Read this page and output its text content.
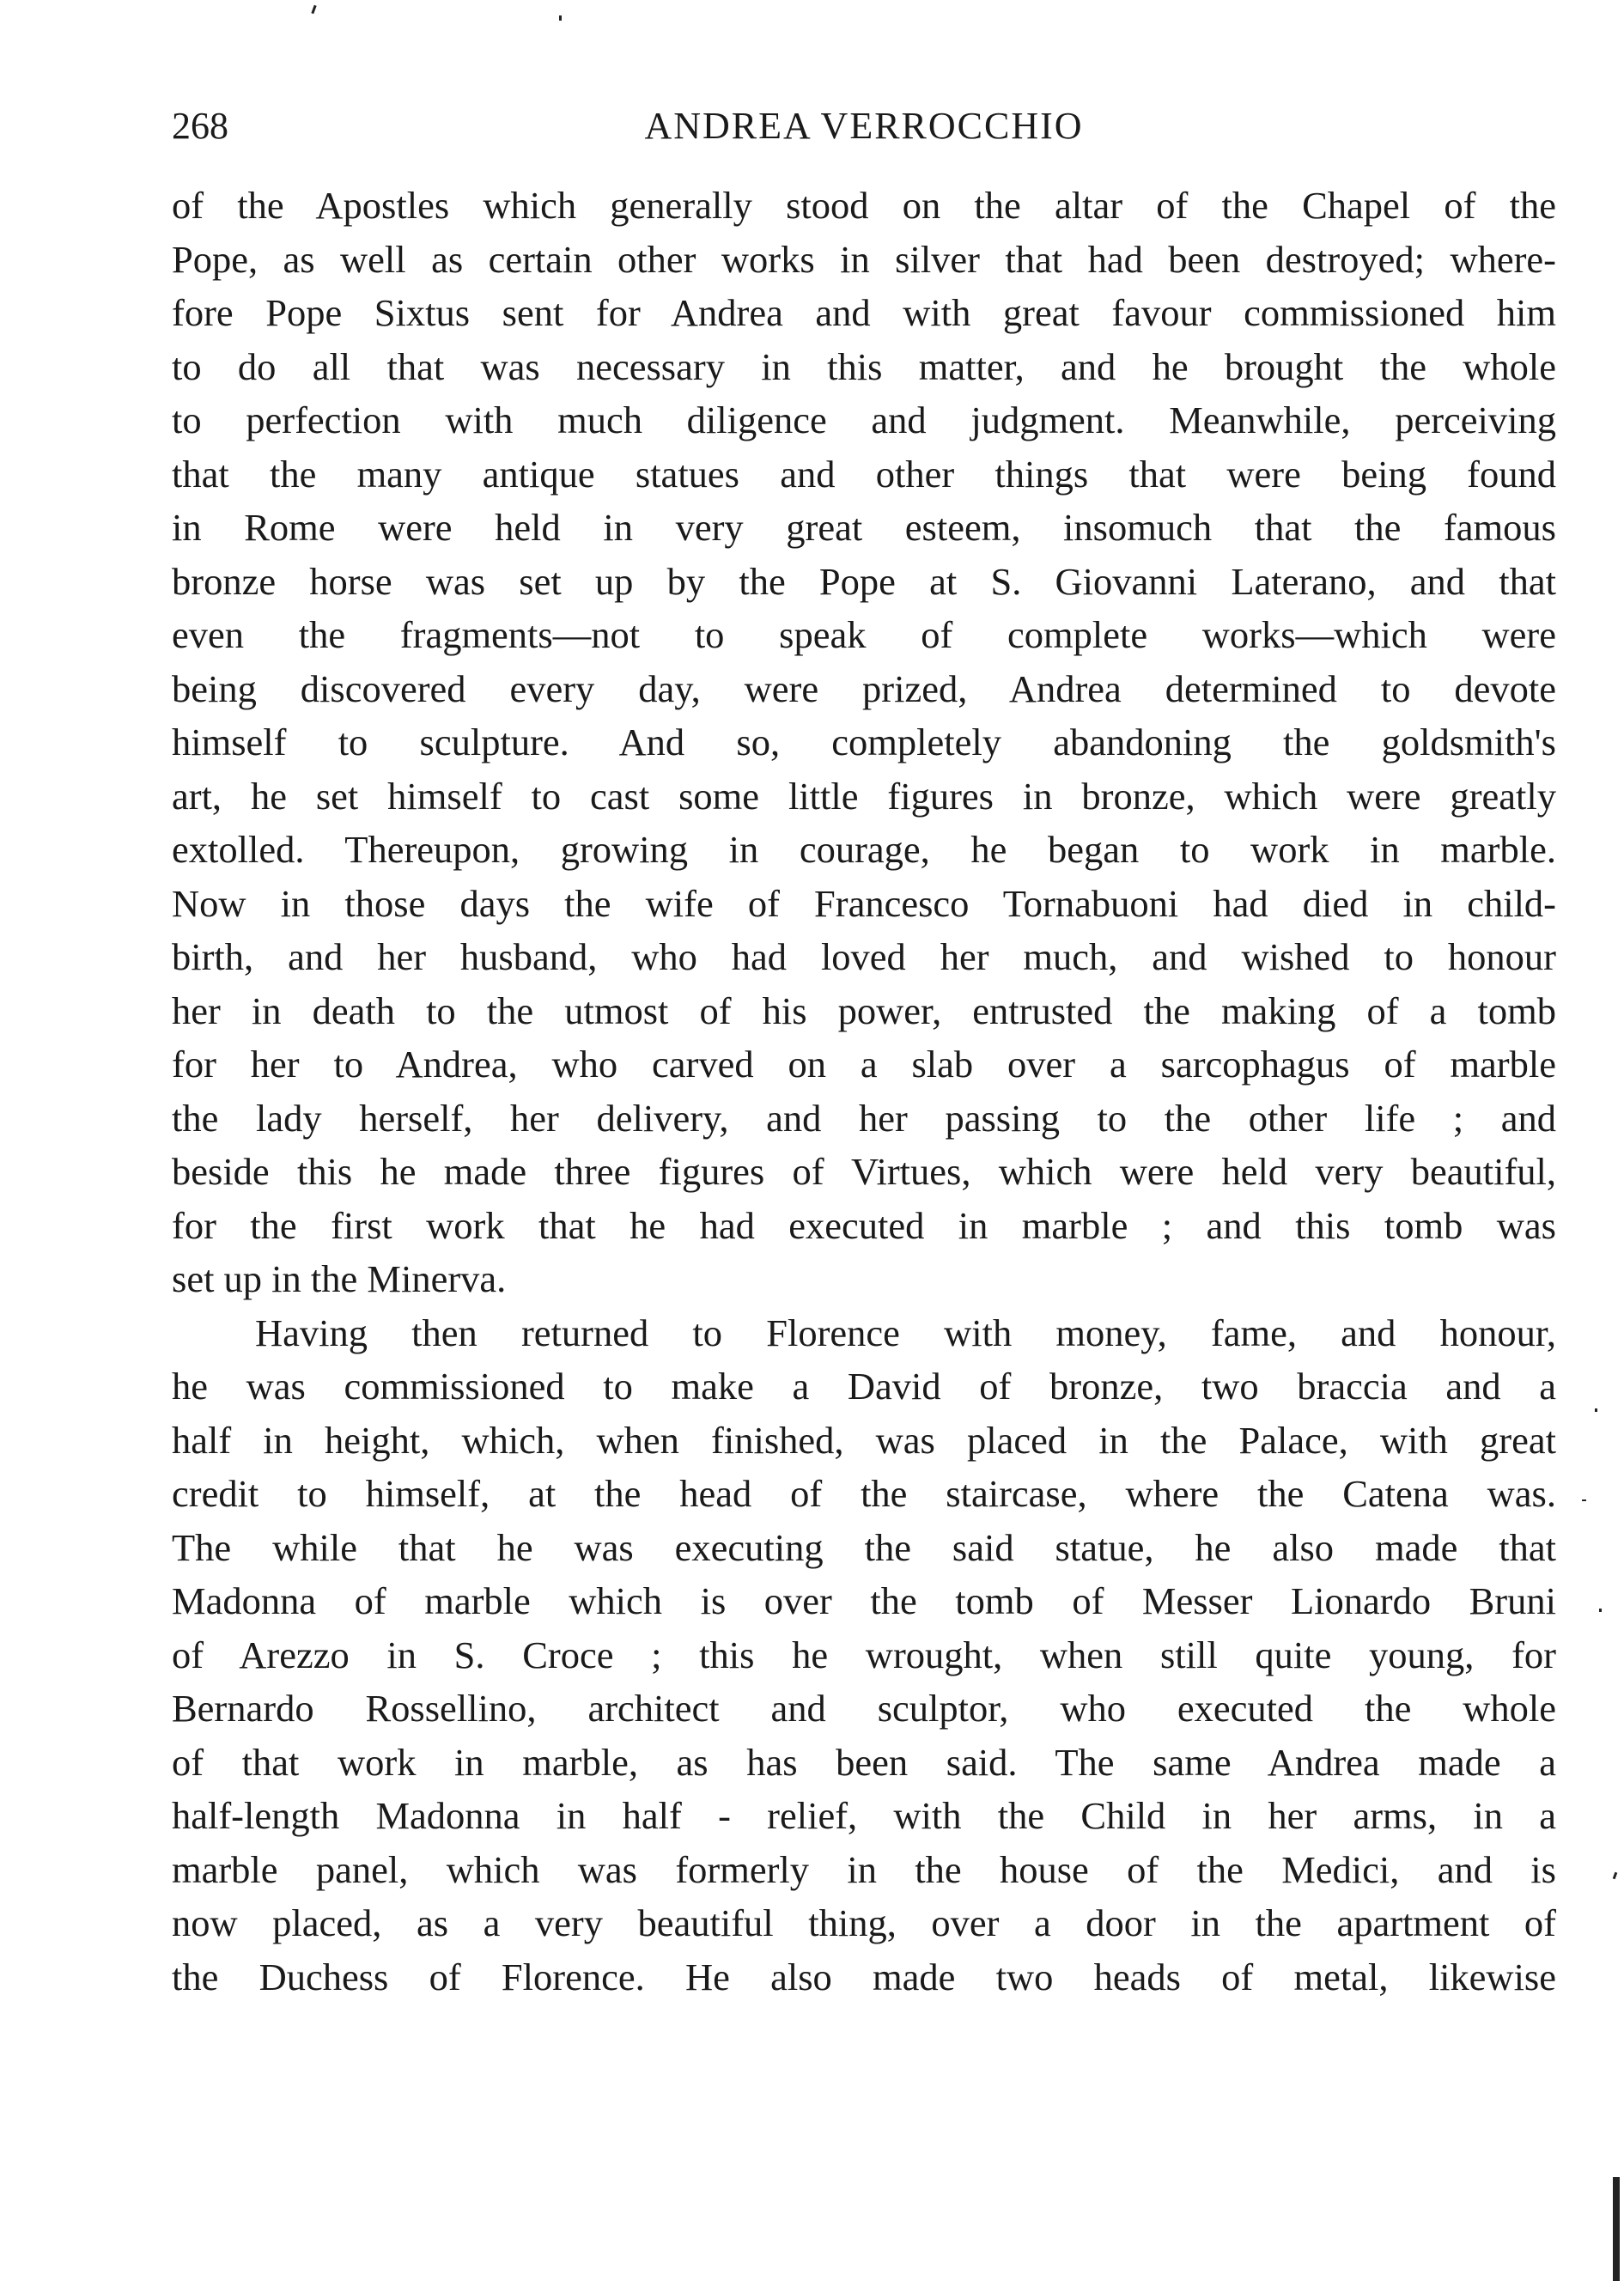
268	ANDREA VERROCCHIO
of the Apostles which generally stood on the altar of the Chapel of the
Pope, as well as certain other works in silver that had been destroyed; where-
fore Pope Sixtus sent for Andrea and with great favour commissioned him
to do all that was necessary in this matter, and he brought the whole
to perfection with much diligence and judgment. Meanwhile, perceiving
that the many antique statues and other things that were being found
in Rome were held in very great esteem, insomuch that the famous
bronze horse was set up by the Pope at S. Giovanni Laterano, and that
even the fragments—not to speak of complete works—which were
being discovered every day, were prized, Andrea determined to devote
himself to sculpture. And so, completely abandoning the goldsmith's
art, he set himself to cast some little figures in bronze, which were greatly
extolled. Thereupon, growing in courage, he began to work in marble.
Now in those days the wife of Francesco Tornabuoni had died in child-
birth, and her husband, who had loved her much, and wished to honour
her in death to the utmost of his power, entrusted the making of a tomb
for her to Andrea, who carved on a slab over a sarcophagus of marble
the lady herself, her delivery, and her passing to the other life ; and
beside this he made three figures of Virtues, which were held very beautiful,
for the first work that he had executed in marble ; and this tomb was
set up in the Minerva.
Having then returned to Florence with money, fame, and honour,
he was commissioned to make a David of bronze, two braccia and a
half in height, which, when finished, was placed in the Palace, with great
credit to himself, at the head of the staircase, where the Catena was.
The while that he was executing the said statue, he also made that
Madonna of marble which is over the tomb of Messer Lionardo Bruni
of Arezzo in S. Croce ; this he wrought, when still quite young, for
Bernardo Rossellino, architect and sculptor, who executed the whole
of that work in marble, as has been said. The same Andrea made a
half-length Madonna in half - relief, with the Child in her arms, in a
marble panel, which was formerly in the house of the Medici, and is
now placed, as a very beautiful thing, over a door in the apartment of
the Duchess of Florence. He also made two heads of metal, likewise
